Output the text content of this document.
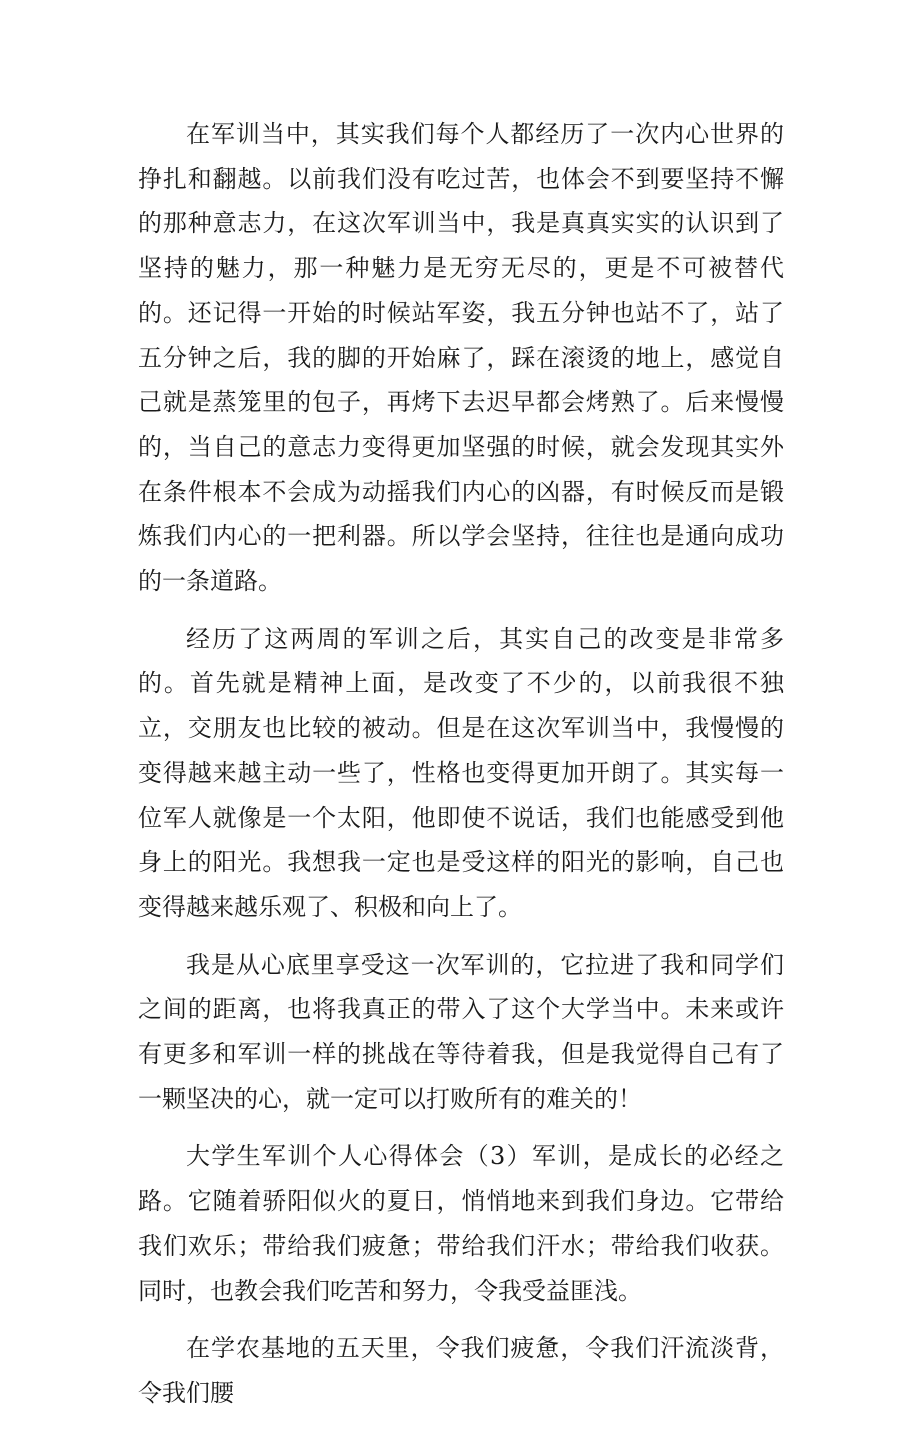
在军训当中，其实我们每个人都经历了一次内心世界的挣扎和翻越。以前我们没有吃过苦，也体会不到要坚持不懈的那种意志力，在这次军训当中，我是真真实实的认识到了坚持的魅力，那一种魅力是无穷无尽的，更是不可被替代的。还记得一开始的时候站军姿，我五分钟也站不了，站了五分钟之后，我的脚的开始麻了，踩在滚烫的地上，感觉自己就是蒸笼里的包子，再烤下去迟早都会烤熟了。后来慢慢的，当自己的意志力变得更加坚强的时候，就会发现其实外在条件根本不会成为动摇我们内心的凶器，有时候反而是锻炼我们内心的一把利器。所以学会坚持，往往也是通向成功的一条道路。

经历了这两周的军训之后，其实自己的改变是非常多的。首先就是精神上面，是改变了不少的，以前我很不独立，交朋友也比较的被动。但是在这次军训当中，我慢慢的变得越来越主动一些了，性格也变得更加开朗了。其实每一位军人就像是一个太阳，他即使不说话，我们也能感受到他身上的阳光。我想我一定也是受这样的阳光的影响，自己也变得越来越乐观了、积极和向上了。

我是从心底里享受这一次军训的，它拉进了我和同学们之间的距离，也将我真正的带入了这个大学当中。未来或许有更多和军训一样的挑战在等待着我，但是我觉得自己有了一颗坚决的心，就一定可以打败所有的难关的！

大学生军训个人心得体会（3）军训，是成长的必经之路。它随着骄阳似火的夏日，悄悄地来到我们身边。它带给我们欢乐；带给我们疲惫；带给我们汗水；带给我们收获。同时，也教会我们吃苦和努力，令我受益匪浅。

在学农基地的五天里，令我们疲惫，令我们汗流淡背，令我们腰
